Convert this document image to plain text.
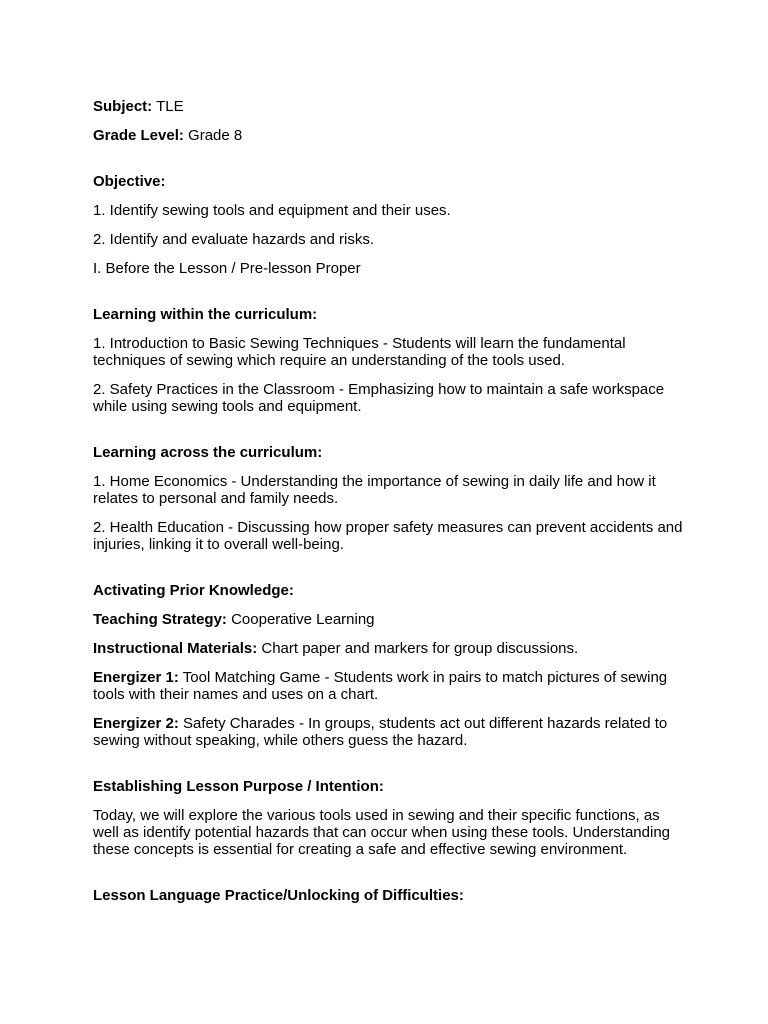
Subject: TLE

Grade Level: Grade 8

Objective:

1. Identify sewing tools and equipment and their uses.

2. Identify and evaluate hazards and risks.

I. Before the Lesson / Pre-lesson Proper

Learning within the curriculum:

1. Introduction to Basic Sewing Techniques - Students will learn the fundamental techniques of sewing which require an understanding of the tools used.

2. Safety Practices in the Classroom - Emphasizing how to maintain a safe workspace while using sewing tools and equipment.

Learning across the curriculum:

1. Home Economics - Understanding the importance of sewing in daily life and how it relates to personal and family needs.

2. Health Education - Discussing how proper safety measures can prevent accidents and injuries, linking it to overall well-being.

Activating Prior Knowledge:

Teaching Strategy: Cooperative Learning

Instructional Materials: Chart paper and markers for group discussions.

Energizer 1: Tool Matching Game - Students work in pairs to match pictures of sewing tools with their names and uses on a chart.

Energizer 2: Safety Charades - In groups, students act out different hazards related to sewing without speaking, while others guess the hazard.

Establishing Lesson Purpose / Intention:

Today, we will explore the various tools used in sewing and their specific functions, as well as identify potential hazards that can occur when using these tools. Understanding these concepts is essential for creating a safe and effective sewing environment.

Lesson Language Practice/Unlocking of Difficulties:
